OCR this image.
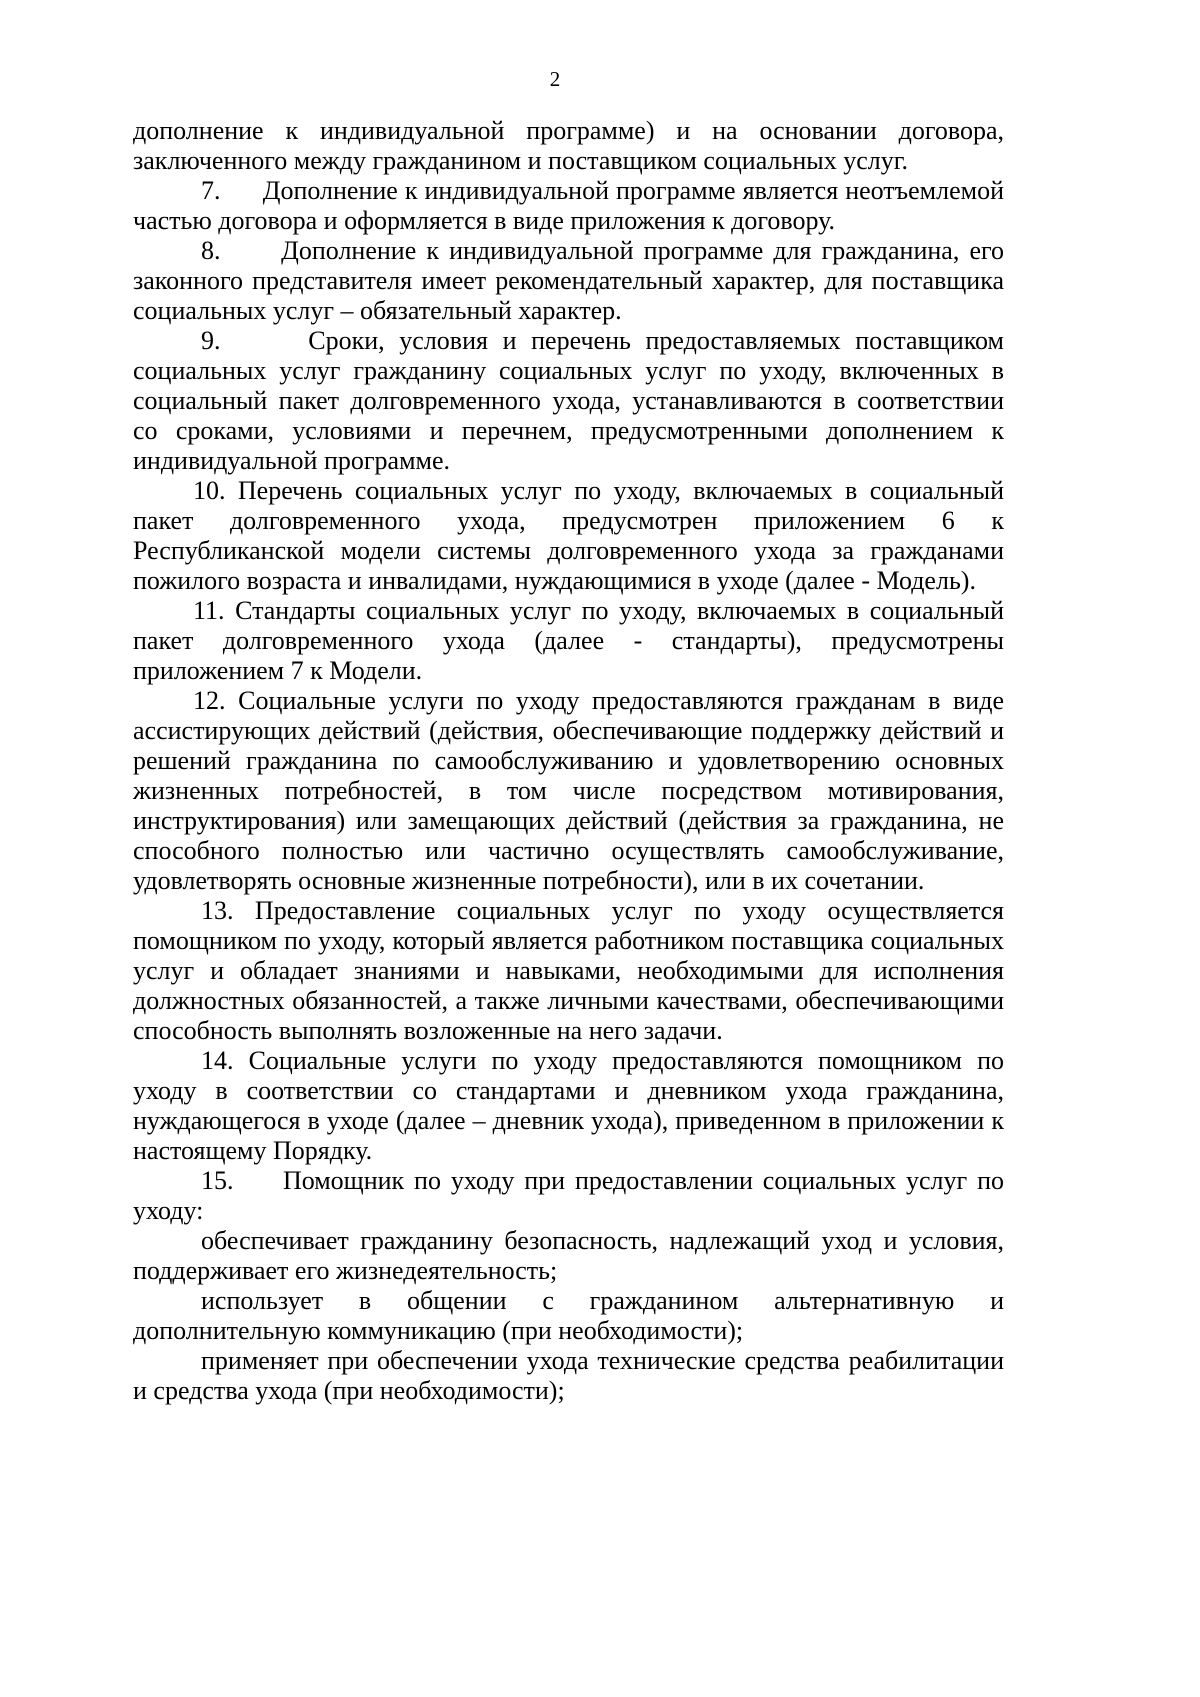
2

дополнение к индивидуальной программе) и на основании договора, заключенного между гражданином и поставщиком социальных услуг.

7.      Дополнение к индивидуальной программе является неотъемлемой частью договора и оформляется в виде приложения к договору.

8.      Дополнение к индивидуальной программе для гражданина, его законного представителя имеет рекомендательный характер, для поставщика социальных услуг – обязательный характер.

9.      Сроки, условия и перечень предоставляемых поставщиком социальных услуг гражданину социальных услуг по уходу, включенных в социальный пакет долговременного ухода, устанавливаются в соответствии со сроками, условиями и перечнем, предусмотренными дополнением к индивидуальной программе.

10. Перечень социальных услуг по уходу, включаемых в социальный пакет долговременного ухода, предусмотрен приложением 6 к Республиканской модели системы долговременного ухода за гражданами пожилого возраста и инвалидами, нуждающимися в уходе (далее - Модель).

11. Стандарты социальных услуг по уходу, включаемых в социальный пакет долговременного ухода (далее - стандарты), предусмотрены приложением 7 к Модели.

12. Социальные услуги по уходу предоставляются гражданам в виде ассистирующих действий (действия, обеспечивающие поддержку действий и решений гражданина по самообслуживанию и удовлетворению основных жизненных потребностей, в том числе посредством мотивирования, инструктирования) или замещающих действий (действия за гражданина, не способного полностью или частично осуществлять самообслуживание, удовлетворять основные жизненные потребности), или в их сочетании.

13. Предоставление социальных услуг по уходу осуществляется помощником по уходу, который является работником поставщика социальных услуг и обладает знаниями и навыками, необходимыми для исполнения должностных обязанностей, а также личными качествами, обеспечивающими способность выполнять возложенные на него задачи.

14. Социальные услуги по уходу предоставляются помощником по уходу в соответствии со стандартами и дневником ухода гражданина, нуждающегося в уходе (далее – дневник ухода), приведенном в приложении к настоящему Порядку.

15.     Помощник по уходу при предоставлении социальных услуг по уходу:

обеспечивает гражданину безопасность, надлежащий уход и условия, поддерживает его жизнедеятельность;

использует в общении с гражданином альтернативную и дополнительную коммуникацию (при необходимости);

применяет при обеспечении ухода технические средства реабилитации и средства ухода (при необходимости);
